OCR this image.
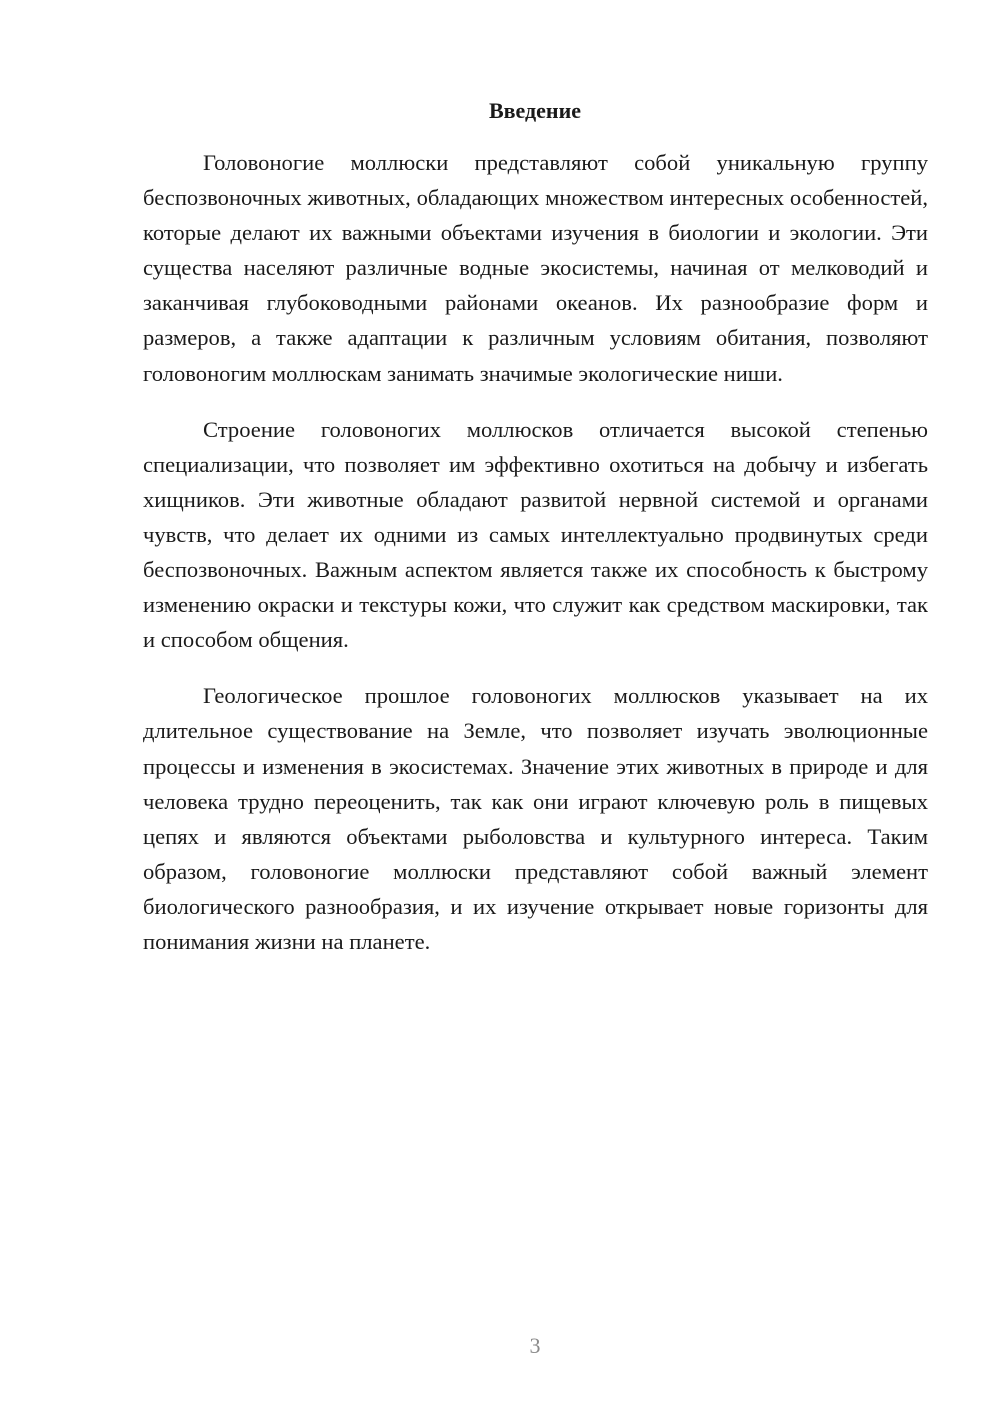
Введение

Головоногие моллюски представляют собой уникальную группу беспозвоночных животных, обладающих множеством интересных особенностей, которые делают их важными объектами изучения в биологии и экологии. Эти существа населяют различные водные экосистемы, начиная от мелководий и заканчивая глубоководными районами океанов. Их разнообразие форм и размеров, а также адаптации к различным условиям обитания, позволяют головоногим моллюскам занимать значимые экологические ниши.

Строение головоногих моллюсков отличается высокой степенью специализации, что позволяет им эффективно охотиться на добычу и избегать хищников. Эти животные обладают развитой нервной системой и органами чувств, что делает их одними из самых интеллектуально продвинутых среди беспозвоночных. Важным аспектом является также их способность к быстрому изменению окраски и текстуры кожи, что служит как средством маскировки, так и способом общения.

Геологическое прошлое головоногих моллюсков указывает на их длительное существование на Земле, что позволяет изучать эволюционные процессы и изменения в экосистемах. Значение этих животных в природе и для человека трудно переоценить, так как они играют ключевую роль в пищевых цепях и являются объектами рыболовства и культурного интереса. Таким образом, головоногие моллюски представляют собой важный элемент биологического разнообразия, и их изучение открывает новые горизонты для понимания жизни на планете.

3
